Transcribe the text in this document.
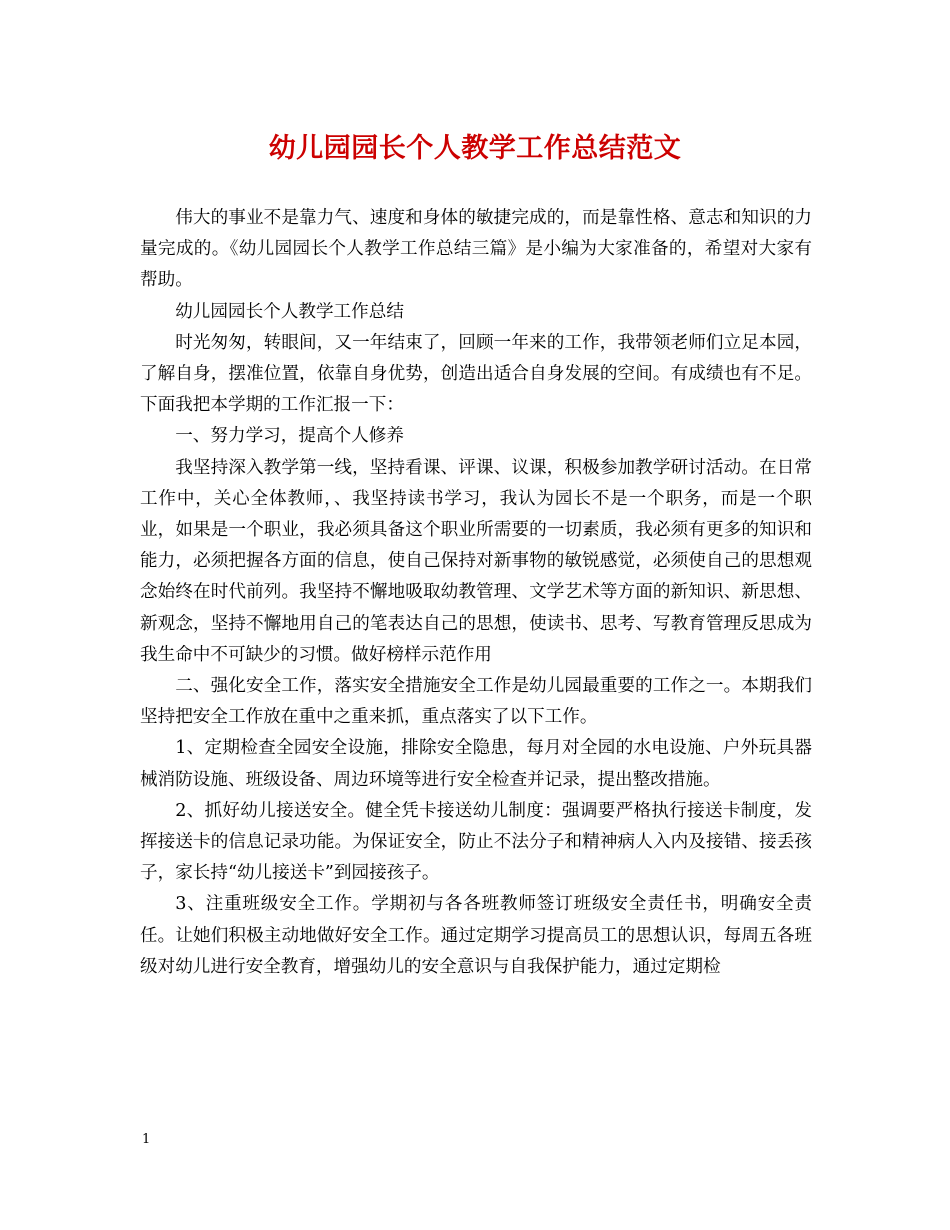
幼儿园园长个人教学工作总结范文

伟大的事业不是靠力气、速度和身体的敏捷完成的，而是靠性格、意志和知识的力量完成的。《幼儿园园长个人教学工作总结三篇》是小编为大家准备的，希望对大家有帮助。

幼儿园园长个人教学工作总结

时光匆匆，转眼间，又一年结束了，回顾一年来的工作，我带领老师们立足本园，了解自身，摆准位置，依靠自身优势，创造出适合自身发展的空间。有成绩也有不足。下面我把本学期的工作汇报一下：

一、努力学习，提高个人修养

我坚持深入教学第一线，坚持看课、评课、议课，积极参加教学研讨活动。在日常工作中，关心全体教师，、我坚持读书学习，我认为园长不是一个职务，而是一个职业，如果是一个职业，我必须具备这个职业所需要的一切素质，我必须有更多的知识和能力，必须把握各方面的信息，使自己保持对新事物的敏锐感觉，必须使自己的思想观念始终在时代前列。我坚持不懈地吸取幼教管理、文学艺术等方面的新知识、新思想、新观念，坚持不懈地用自己的笔表达自己的思想，使读书、思考、写教育管理反思成为我生命中不可缺少的习惯。做好榜样示范作用

二、强化安全工作，落实安全措施安全工作是幼儿园最重要的工作之一。本期我们坚持把安全工作放在重中之重来抓，重点落实了以下工作。

1、定期检查全园安全设施，排除安全隐患，每月对全园的水电设施、户外玩具器械消防设施、班级设备、周边环境等进行安全检查并记录，提出整改措施。

2、抓好幼儿接送安全。健全凭卡接送幼儿制度：强调要严格执行接送卡制度，发挥接送卡的信息记录功能。为保证安全，防止不法分子和精神病人入内及接错、接丢孩子，家长持“幼儿接送卡”到园接孩子。

3、注重班级安全工作。学期初与各各班教师签订班级安全责任书，明确安全责任。让她们积极主动地做好安全工作。通过定期学习提高员工的思想认识，每周五各班级对幼儿进行安全教育，增强幼儿的安全意识与自我保护能力，通过定期检

1
